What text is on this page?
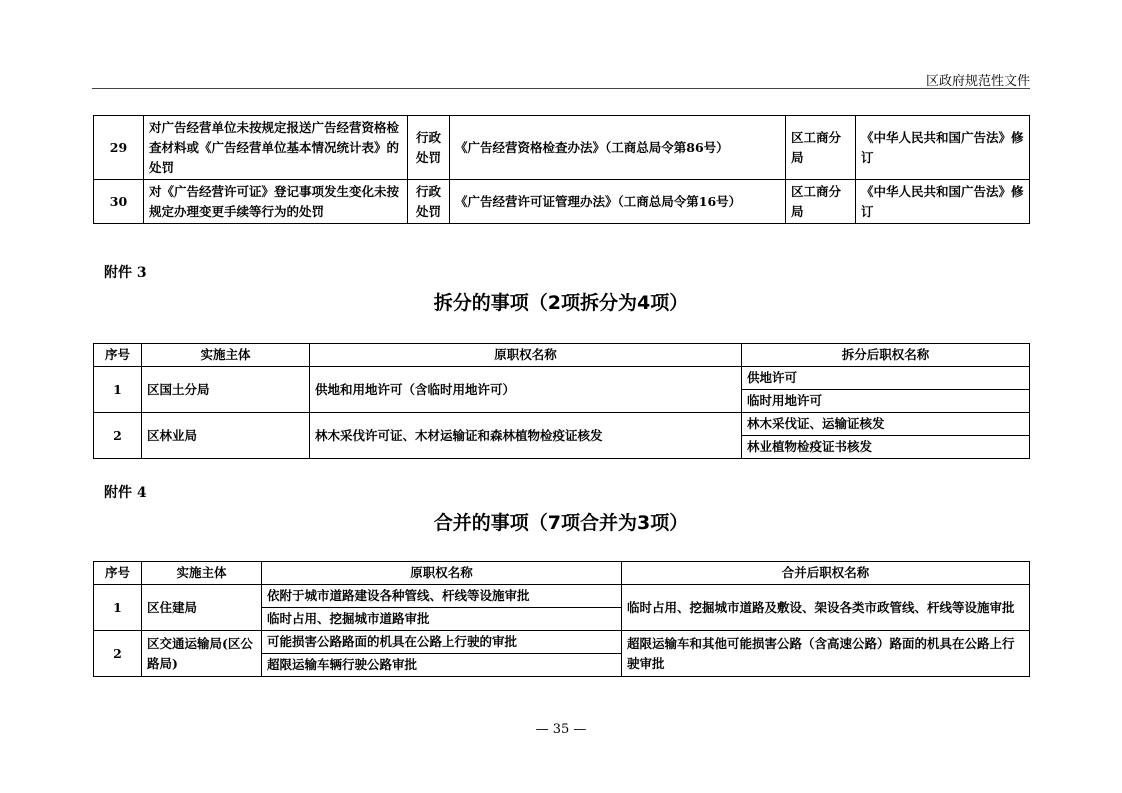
区政府规范性文件
29	对广告经营单位未按规定报送广告经营资格检查材料或《广告经营单位基本情况统计表》的处罚	行政处罚	《广告经营资格检查办法》（工商总局令第86号）	区工商分局	《中华人民共和国广告法》修订
30	对《广告经营许可证》登记事项发生变化未按规定办理变更手续等行为的处罚	行政处罚	《广告经营许可证管理办法》（工商总局令第16号）	区工商分局	《中华人民共和国广告法》修订
附件 3
拆分的事项（2项拆分为4项）
序号	实施主体	原职权名称	拆分后职权名称
1	区国土分局	供地和用地许可（含临时用地许可）	供地许可
			临时用地许可
2	区林业局	林木采伐许可证、木材运输证和森林植物检疫证核发	林木采伐证、运输证核发
			林业植物检疫证书核发
附件 4
合并的事项（7项合并为3项）
序号	实施主体	原职权名称	合并后职权名称
1	区住建局	依附于城市道路建设各种管线、杆线等设施审批	临时占用、挖掘城市道路及敷设、架设各类市政管线、杆线等设施审批
		临时占用、挖掘城市道路审批	
2	区交通运输局(区公路局)	可能损害公路路面的机具在公路上行驶的审批	超限运输车和其他可能损害公路（含高速公路）路面的机具在公路上行驶审批
		超限运输车辆行驶公路审批	
— 35 —
